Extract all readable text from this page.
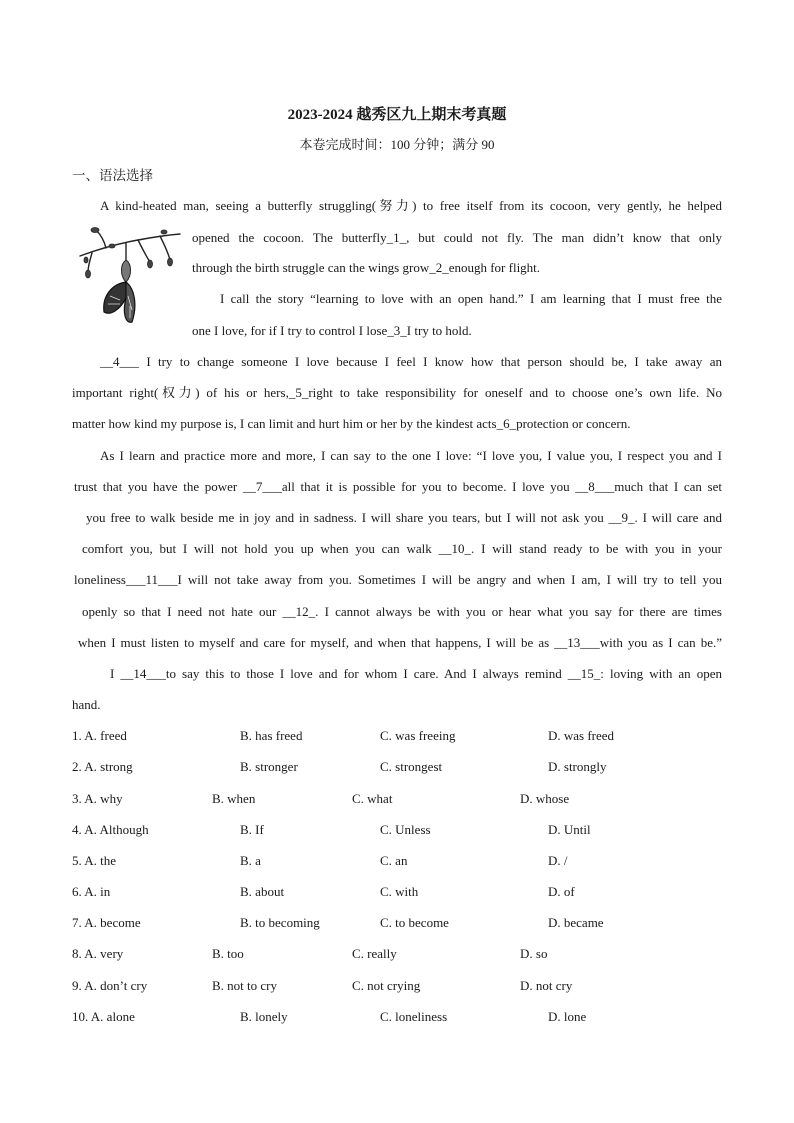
2023-2024 越秀区九上期末考真题
本卷完成时间：100 分钟；满分 90
一、语法选择
A kind-heated man, seeing a butterfly struggling(努力) to free itself from its cocoon, very gently, he helped
opened the cocoon. The butterfly_1_, but could not fly. The man didn’t know that only
through the birth struggle can the wings grow_2_enough for flight.
I call the story “learning to love with an open hand.” I am learning that I must free the
one I love, for if I try to control I lose_3_I try to hold.
__4___ I try to change someone I love because I feel I know how that person should be, I take away an
important right(权力) of his or hers,_5_right to take responsibility for oneself and to choose one’s own life. No
matter how kind my purpose is, I can limit and hurt him or her by the kindest acts_6_protection or concern.
As I learn and practice more and more, I can say to the one I love: “I love you, I value you, I respect you and I
trust that you have the power __7___all that it is possible for you to become. I love you __8___much that I can set
you free to walk beside me in joy and in sadness. I will share you tears, but I will not ask you __9_. I will care and
comfort you, but I will not hold you up when you can walk __10_. I will stand ready to be with you in your
loneliness___11___I will not take away from you. Sometimes I will be angry and when I am, I will try to tell you
openly so that I need not hate our __12_. I cannot always be with you or hear what you say for there are times
when I must listen to myself and care for myself, and when that happens, I will be as __13___with you as I can be.”
I __14___to say this to those I love and for whom I care. And I always remind __15_: loving with an open
hand.
1. A. freed	B. has freed	C. was freeing	D. was freed
2. A. strong	B. stronger	C. strongest	D. strongly
3. A. why	B. when	C. what	D. whose
4. A. Although	B. If	C. Unless	D. Until
5. A. the	B. a	C. an	D. /
6. A. in	B. about	C. with	D. of
7. A. become	B. to becoming	C. to become	D. became
8. A. very	B. too	C. really	D. so
9. A. don’t cry	B. not to cry	C. not crying	D. not cry
10. A. alone	B. lonely	C. loneliness	D. lone
